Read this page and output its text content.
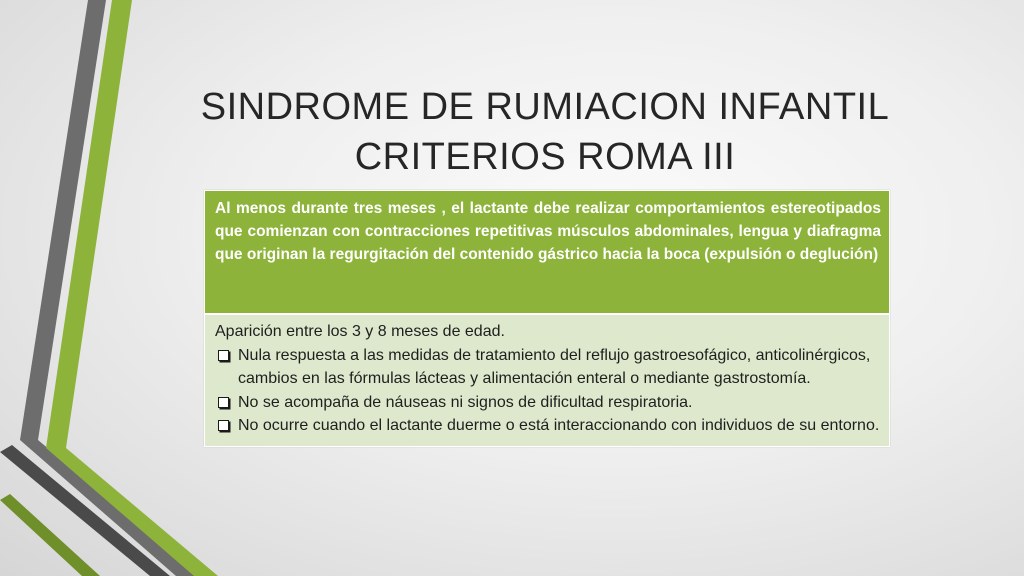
SINDROME DE RUMIACION INFANTIL
CRITERIOS ROMA III
Al menos durante tres meses , el lactante debe realizar comportamientos estereotipados que comienzan con contracciones repetitivas músculos abdominales, lengua y diafragma que originan la regurgitación del contenido gástrico hacia la boca (expulsión o deglución)
Aparición entre los 3 y 8 meses de edad.
Nula respuesta a las medidas de tratamiento del reflujo gastroesofágico, anticolinérgicos, cambios en las fórmulas lácteas y alimentación enteral o mediante gastrostomía.
No se acompaña de náuseas ni signos de dificultad respiratoria.
No ocurre cuando el lactante duerme o está interaccionando con individuos de su entorno.
